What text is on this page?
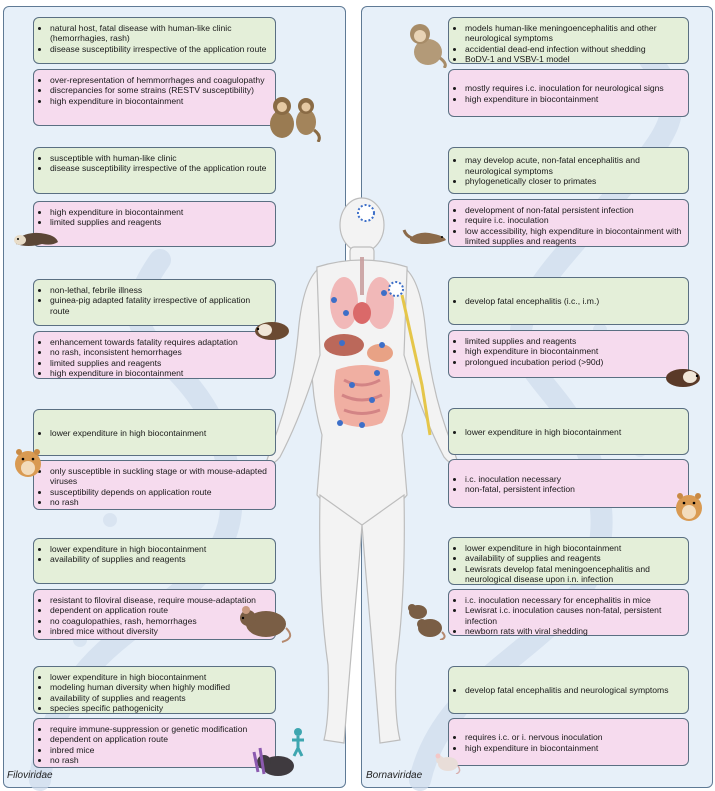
• natural host, fatal disease with human-like clinic (hemorrhagies, rash)
• disease susceptibility irrespective of the application route
• over-representation of hemmorrhages and coagulopathy
• discrepancies for some strains (RESTV susceptibility)
• high expenditure in biocontainment
• susceptible with human-like clinic
• disease susceptibility irrespective of the application route
• high expenditure in biocontainment
• limited supplies and reagents
• non-lethal, febrile illness
• guinea-pig adapted fatality irrespective of application route
• enhancement towards fatality requires adaptation
• no rash, inconsistent hemorrhages
• limited supplies and reagents
• high expenditure in biocontainment
• lower expenditure in high biocontainment
• only susceptible in suckling stage or with mouse-adapted viruses
• susceptibility depends on application route
• no rash
• lower expenditure in high biocontainment
• availability of supplies and reagents
• resistant to filoviral disease, require mouse-adaptation
• dependent on application route
• no coagulopathies, rash, hemorrhages
• inbred mice without diversity
• lower expenditure in high biocontainment
• modeling human diversity when highly modified
• availability of supplies and reagents
• species specific pathogenicity
• require immune-suppression or genetic modification
• dependent on application route
• inbred mice
• no rash
Filoviridae
• models human-like meningoencephalitis and other neurological symptoms
• accidential dead-end infection without shedding
• BoDV-1 and VSBV-1 model
• mostly requires i.c. inoculation for neurological signs
• high expenditure in biocontainment
• may develop acute, non-fatal encephalitis and neurological symptoms
• phylogenetically closer to primates
• development of non-fatal persistent infection
• require i.c. inoculation
• low accessibility, high expenditure in biocontainment with limited supplies and reagents
• develop fatal encephalitis (i.c., i.m.)
• limited supplies and reagents
• high expenditure in biocontainment
• prolongued incubation period (>90d)
• lower expenditure in high biocontainment
• i.c. inoculation necessary
• non-fatal, persistent infection
• lower expenditure in high biocontainment
• availability of supplies and reagents
• Lewisrats develop fatal meningoencephalitis and neurological disease upon i.n. infection
• i.c. inoculation necessary for encephalitis in mice
• Lewisrat i.c. inoculation causes non-fatal, persistent infection
• newborn rats with viral shedding
• develop fatal encephalitis and neurological symptoms
• requires i.c. or i. nervous inoculation
• high expenditure in biocontainment
Bornaviridae
